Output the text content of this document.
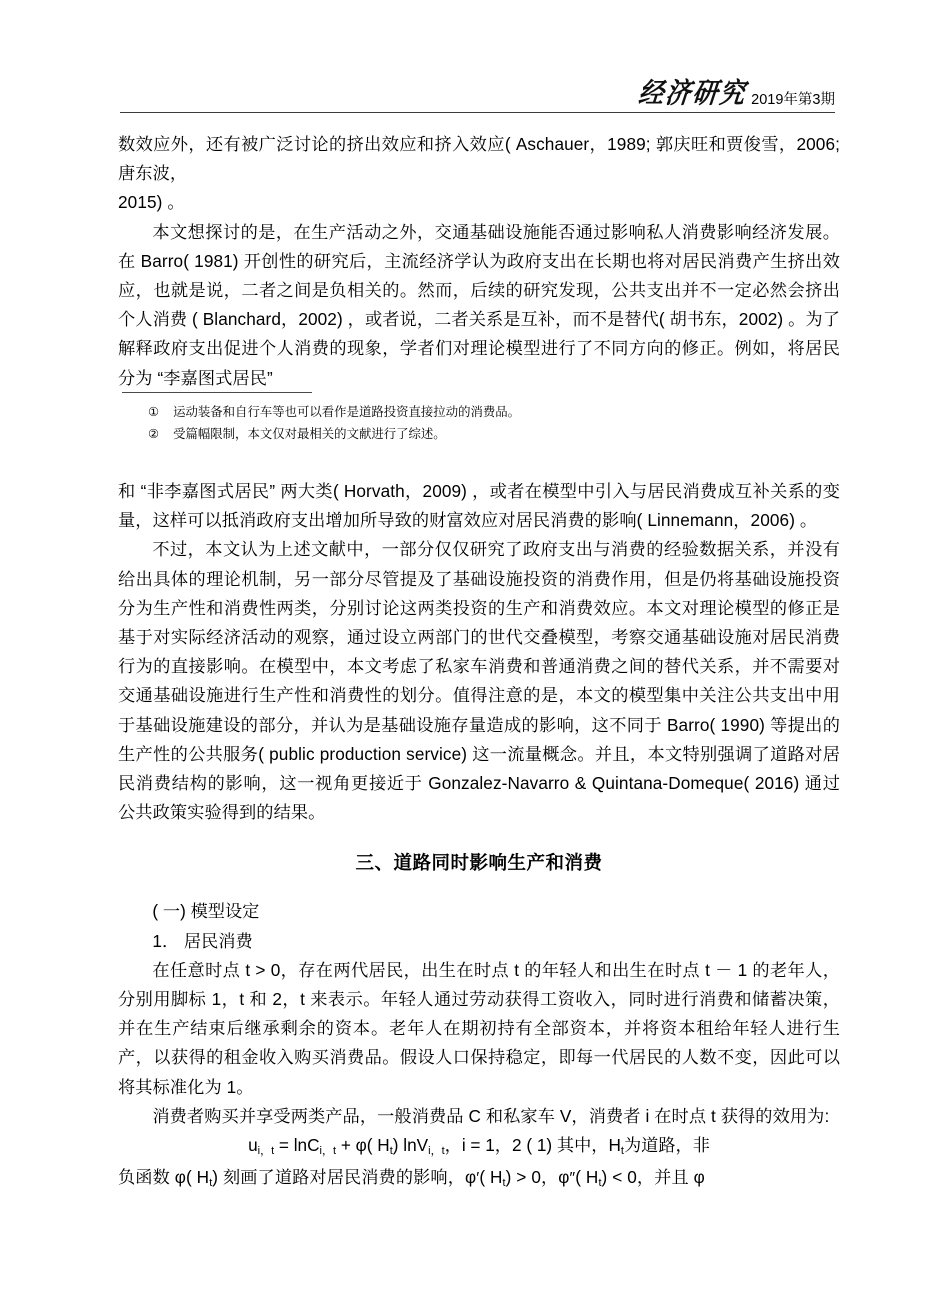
经济研究 2019年第3期

数效应外，还有被广泛讨论的挤出效应和挤入效应( Aschauer，1989; 郭庆旺和贾俊雪，2006; 唐东波，

2015) 。

本文想探讨的是，在生产活动之外，交通基础设施能否通过影响私人消费影响经济发展。在 Barro( 1981) 开创性的研究后，主流经济学认为政府支出在长期也将对居民消费产生挤出效应，也就是说，二者之间是负相关的。然而，后续的研究发现，公共支出并不一定必然会挤出个人消费 ( Blanchard，2002) ，或者说，二者关系是互补，而不是替代( 胡书东，2002) 。为了解释政府支出促进个人消费的现象，学者们对理论模型进行了不同方向的修正。例如，将居民分为 “李嘉图式居民”

① 运动装备和自行车等也可以看作是道路投资直接拉动的消费品。
② 受篇幅限制，本文仅对最相关的文献进行了综述。

和 “非李嘉图式居民” 两大类( Horvath，2009) ，或者在模型中引入与居民消费成互补关系的变量，这样可以抵消政府支出增加所导致的财富效应对居民消费的影响( Linnemann，2006) 。

不过，本文认为上述文献中，一部分仅仅研究了政府支出与消费的经验数据关系，并没有给出具体的理论机制，另一部分尽管提及了基础设施投资的消费作用，但是仍将基础设施投资分为生产性和消费性两类，分别讨论这两类投资的生产和消费效应。本文对理论模型的修正是基于对实际经济活动的观察，通过设立两部门的世代交叠模型，考察交通基础设施对居民消费行为的直接影响。在模型中，本文考虑了私家车消费和普通消费之间的替代关系，并不需要对交通基础设施进行生产性和消费性的划分。值得注意的是，本文的模型集中关注公共支出中用于基础设施建设的部分，并认为是基础设施存量造成的影响，这不同于 Barro( 1990) 等提出的生产性的公共服务( public production service) 这一流量概念。并且，本文特别强调了道路对居民消费结构的影响，这一视角更接近于 Gonzalez-Navarro & Quintana-Domeque( 2016) 通过公共政策实验得到的结果。

三、道路同时影响生产和消费

( 一) 模型设定

1． 居民消费

在任意时点 t > 0，存在两代居民，出生在时点 t 的年轻人和出生在时点 t － 1 的老年人，分别用脚标 1，t 和 2，t 来表示。年轻人通过劳动获得工资收入，同时进行消费和储蓄决策，并在生产结束后继承剩余的资本。老年人在期初持有全部资本，并将资本租给年轻人进行生产，以获得的租金收入购买消费品。假设人口保持稳定，即每一代居民的人数不变，因此可以将其标准化为 1。

消费者购买并享受两类产品，一般消费品 C 和私家车 V，消费者 i 在时点 t 获得的效用为:

$u_{i,t} = \ln C_{i,t} + \varphi$( $H_t$) lnV$_{i,t}$，i = 1，2 ( 1) 其中，$H_t$为道路，非

负函数 φ( $H_t$) 刻画了道路对居民消费的影响，φ′( $H_t) > 0$，φ″( $H_t) < 0$，并且 φ
